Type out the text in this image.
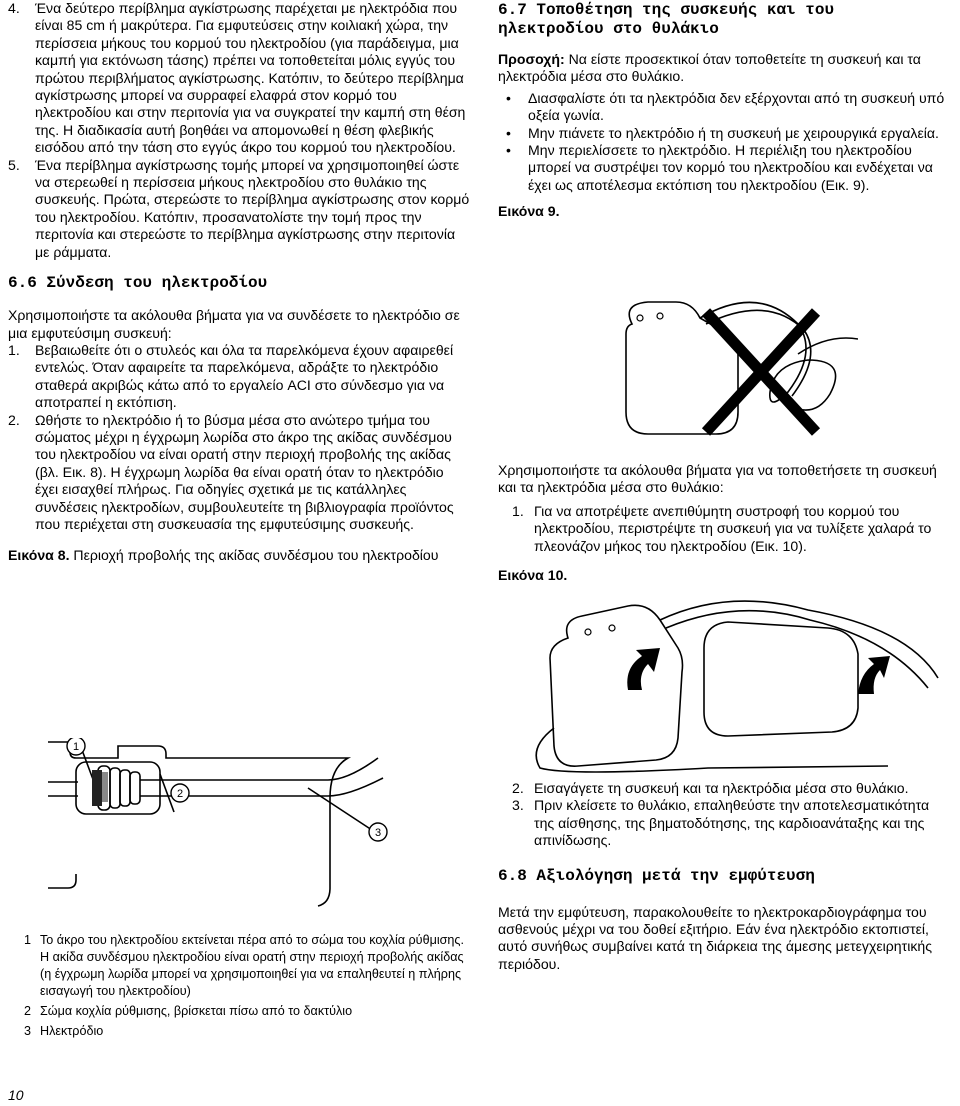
4. Ένα δεύτερο περίβλημα αγκίστρωσης παρέχεται με ηλεκτρόδια που είναι 85 cm ή μακρύτερα. Για εμφυτεύσεις στην κοιλιακή χώρα, την περίσσεια μήκους του κορμού του ηλεκτροδίου (για παράδειγμα, μια καμπή για εκτόνωση τάσης) πρέπει να τοποθετείται μόλις εγγύς του πρώτου περιβλήματος αγκίστρωσης. Κατόπιν, το δεύτερο περίβλημα αγκίστρωσης μπορεί να συρραφεί ελαφρά στον κορμό του ηλεκτροδίου και στην περιτονία για να συγκρατεί την καμπή στη θέση της. Η διαδικασία αυτή βοηθάει να απομονωθεί η θέση φλεβικής εισόδου από την τάση στο εγγύς άκρο του κορμού του ηλεκτροδίου.
5. Ένα περίβλημα αγκίστρωσης τομής μπορεί να χρησιμοποιηθεί ώστε να στερεωθεί η περίσσεια μήκους ηλεκτροδίου στο θυλάκιο της συσκευής. Πρώτα, στερεώστε το περίβλημα αγκίστρωσης στον κορμό του ηλεκτροδίου. Κατόπιν, προσανατολίστε την τομή προς την περιτονία και στερεώστε το περίβλημα αγκίστρωσης στην περιτονία με ράμματα.
6.6 Σύνδεση του ηλεκτροδίου
Χρησιμοποιήστε τα ακόλουθα βήματα για να συνδέσετε το ηλεκτρόδιο σε μια εμφυτεύσιμη συσκευή:
1. Βεβαιωθείτε ότι ο στυλεός και όλα τα παρελκόμενα έχουν αφαιρεθεί εντελώς. Όταν αφαιρείτε τα παρελκόμενα, αδράξτε το ηλεκτρόδιο σταθερά ακριβώς κάτω από το εργαλείο ACI στο σύνδεσμο για να αποτραπεί η εκτόπιση.
2. Ωθήστε το ηλεκτρόδιο ή το βύσμα μέσα στο ανώτερο τμήμα του σώματος μέχρι η έγχρωμη λωρίδα στο άκρο της ακίδας συνδέσμου του ηλεκτροδίου να είναι ορατή στην περιοχή προβολής της ακίδας (βλ. Εικ. 8). Η έγχρωμη λωρίδα θα είναι ορατή όταν το ηλεκτρόδιο έχει εισαχθεί πλήρως. Για οδηγίες σχετικά με τις κατάλληλες συνδέσεις ηλεκτροδίων, συμβουλευτείτε τη βιβλιογραφία προϊόντος που περιέχεται στη συσκευασία της εμφυτεύσιμης συσκευής.
Εικόνα 8. Περιοχή προβολής της ακίδας συνδέσμου του ηλεκτροδίου
1
2
3
1 Το άκρο του ηλεκτροδίου εκτείνεται πέρα από το σώμα του κοχλία ρύθμισης. Η ακίδα συνδέσμου ηλεκτροδίου είναι ορατή στην περιοχή προβολής ακίδας (η έγχρωμη λωρίδα μπορεί να χρησιμοποιηθεί για να επαληθευτεί η πλήρης εισαγωγή του ηλεκτροδίου)
2 Σώμα κοχλία ρύθμισης, βρίσκεται πίσω από το δακτύλιο
3 Ηλεκτρόδιο
6.7 Τοποθέτηση της συσκευής και του ηλεκτροδίου στο θυλάκιο
Προσοχή: Να είστε προσεκτικοί όταν τοποθετείτε τη συσκευή και τα ηλεκτρόδια μέσα στο θυλάκιο.
• Διασφαλίστε ότι τα ηλεκτρόδια δεν εξέρχονται από τη συσκευή υπό οξεία γωνία.
• Μην πιάνετε το ηλεκτρόδιο ή τη συσκευή με χειρουργικά εργαλεία.
• Μην περιελίσσετε το ηλεκτρόδιο. Η περιέλιξη του ηλεκτροδίου μπορεί να συστρέψει τον κορμό του ηλεκτροδίου και ενδέχεται να έχει ως αποτέλεσμα εκτόπιση του ηλεκτροδίου (Εικ. 9).
Εικόνα 9.
Χρησιμοποιήστε τα ακόλουθα βήματα για να τοποθετήσετε τη συσκευή και τα ηλεκτρόδια μέσα στο θυλάκιο:
1. Για να αποτρέψετε ανεπιθύμητη συστροφή του κορμού του ηλεκτροδίου, περιστρέψτε τη συσκευή για να τυλίξετε χαλαρά το πλεονάζον μήκος του ηλεκτροδίου (Εικ. 10).
Εικόνα 10.
2. Εισαγάγετε τη συσκευή και τα ηλεκτρόδια μέσα στο θυλάκιο.
3. Πριν κλείσετε το θυλάκιο, επαληθεύστε την αποτελεσματικότητα της αίσθησης, της βηματοδότησης, της καρδιοανάταξης και της απινίδωσης.
6.8 Αξιολόγηση μετά την εμφύτευση
Μετά την εμφύτευση, παρακολουθείτε το ηλεκτροκαρδιογράφημα του ασθενούς μέχρι να του δοθεί εξιτήριο. Εάν ένα ηλεκτρόδιο εκτοπιστεί, αυτό συνήθως συμβαίνει κατά τη διάρκεια της άμεσης μετεγχειρητικής περιόδου.
10
